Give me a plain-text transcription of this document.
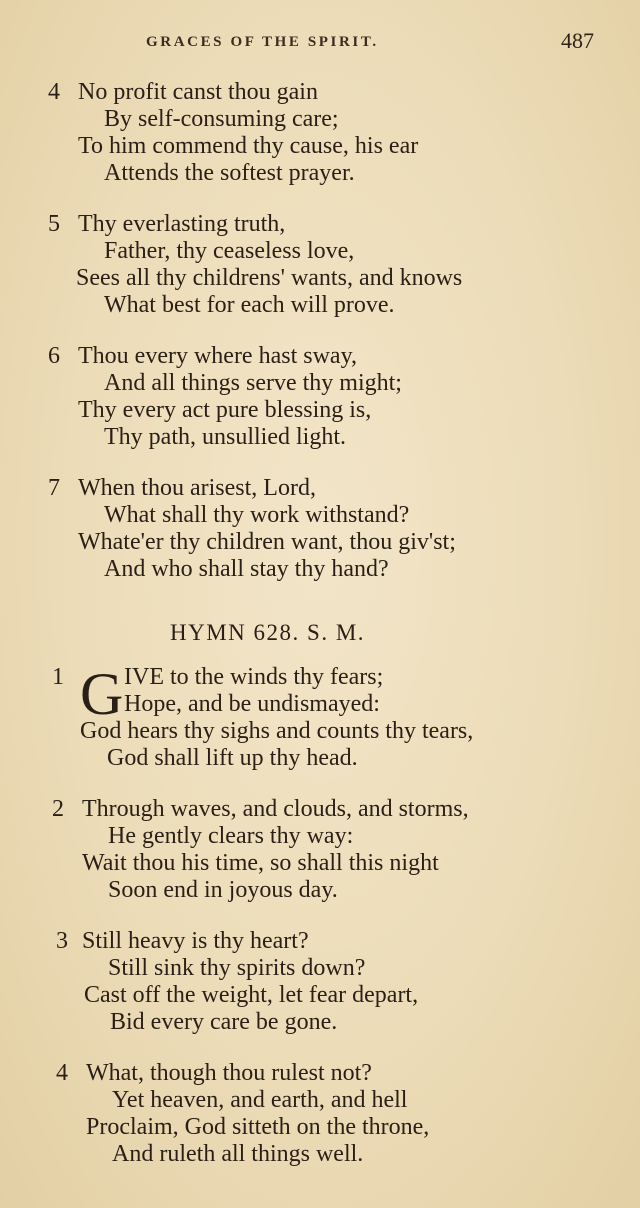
GRACES OF THE SPIRIT.	487
4 No profit canst thou gain
By self-consuming care;
To him commend thy cause, his ear
Attends the softest prayer.
5 Thy everlasting truth,
Father, thy ceaseless love,
Sees all thy childrens' wants, and knows
What best for each will prove.
6 Thou every where hast sway,
And all things serve thy might;
Thy every act pure blessing is,
Thy path, unsullied light.
7 When thou arisest, Lord,
What shall thy work withstand?
Whate'er thy children want, thou giv'st;
And who shall stay thy hand?
HYMN 628. S. M.
G
1	IVE to the winds thy fears;
Hope, and be undismayed:
God hears thy sighs and counts thy tears,
God shall lift up thy head.
2 Through waves, and clouds, and storms,
He gently clears thy way:
Wait thou his time, so shall this night
Soon end in joyous day.
3 Still heavy is thy heart?
Still sink thy spirits down?
Cast off the weight, let fear depart,
Bid every care be gone.
4 What, though thou rulest not?
Yet heaven, and earth, and hell
Proclaim, God sitteth on the throne,
And ruleth all things well.
